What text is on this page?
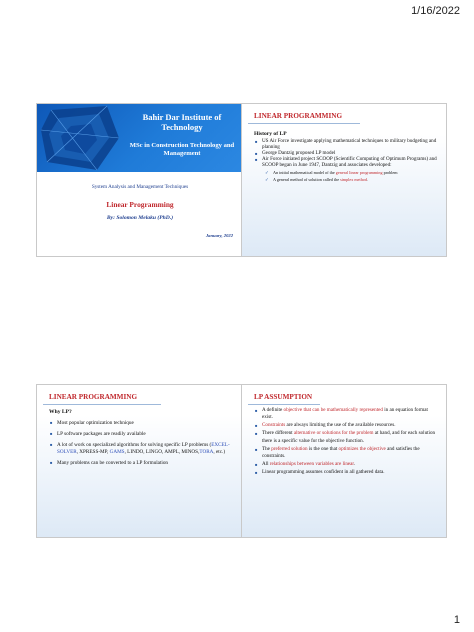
1/16/2022
Bahir Dar Institute of Technology
MSc in Construction Technology and Management
System Analysis and Management Techniques
Linear Programming
By: Solomon Melaku (PhD.)
January, 2022
LINEAR PROGRAMMING
History of LP
■ US Air Force investigate applying mathematical techniques to military budgeting and planning
■ George Dantzig proposed LP model
■ Air Force initiated project SCOOP (Scientific Computing of Optimum Programs) and SCOOP began in June 1947, Dantzig and associates developed:
✓ An initial mathematical model of the general linear programming problem
✓ A general method of solution called the simplex method.
LINEAR PROGRAMMING
Why LP?
■ Most popular optimization technique
■ LP software packages are readily available
■ A lot of work on specialized algorithms for solving specific LP problems (EXCEL-SOLVER, XPRESS-MP, GAMS, LINDO, LINGO, AMPL, MINOS,TORA, etc.)
■ Many problems can be converted to a LP formulation
LP ASSUMPTION
■ A definite objective that can be mathematically represented in an equation format exist.
■ Constraints are always limiting the use of the available resources.
■ There different alternative or solutions for the problem at hand, and for each solution there is a specific value for the objective function.
■ The preferred solution is the one that optimizes the objective and satisfies the constraints.
■ All relationships between variables are linear.
■ Linear programming assumes confident in all gathered data.
1
